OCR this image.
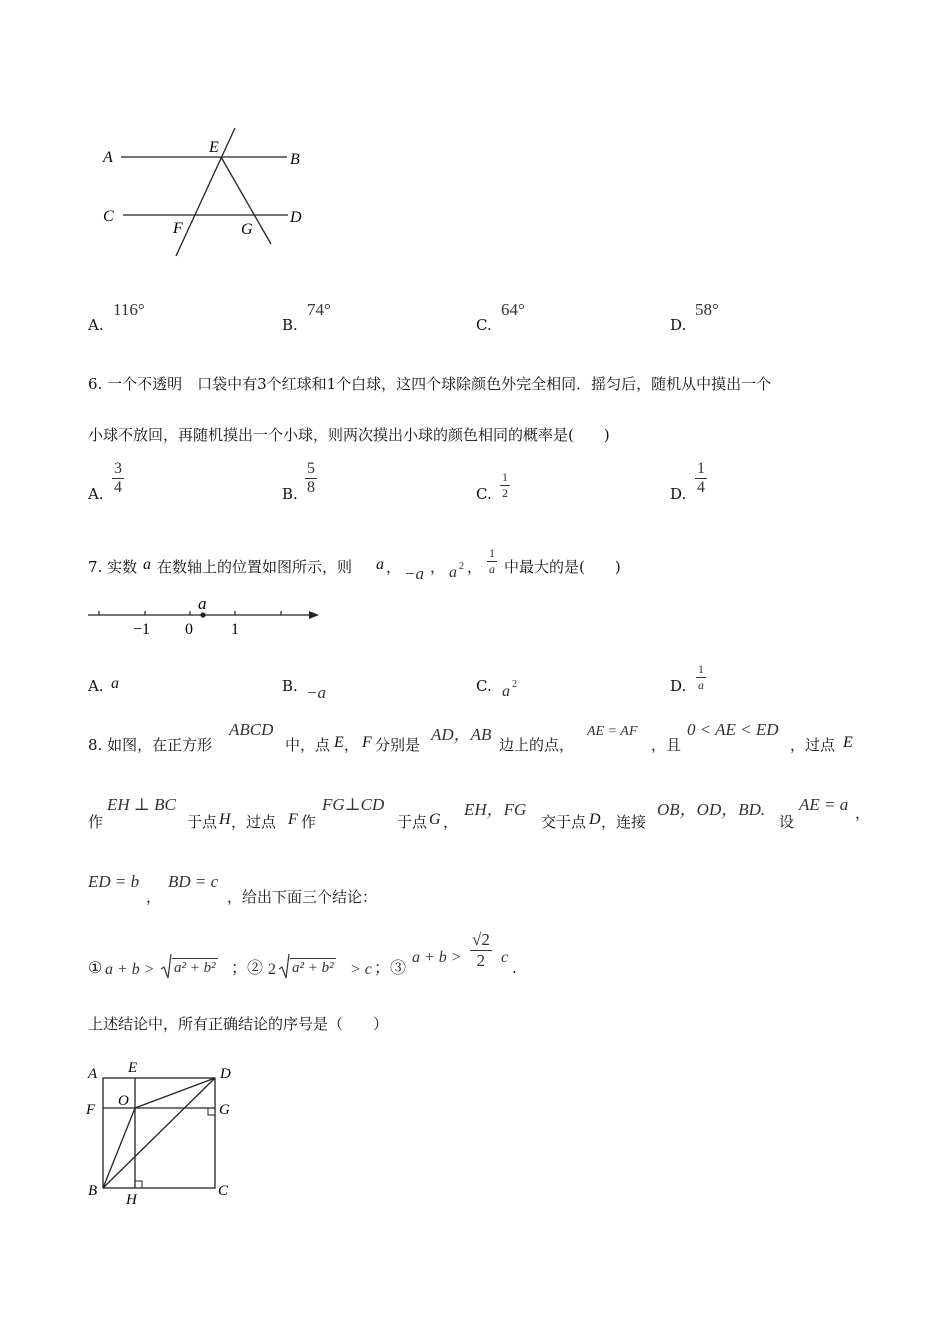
A
E
B
C	D
F	G
A.
116°
B.
74°
C.
64°
D.
58°
6. 一个不透明　口袋中有3个红球和1个白球，这四个球除颜色外完全相同．摇匀后，随机从中摸出一个
小球不放回，再随机摸出一个小球，则两次摸出小球的颜色相同的概率是(　　)
A.
3
4	B.
5
8	C.
1
2	D.
1
4
7. 实数 a 在数轴上的位置如图所示，则 a ， −a ， a 2 ，
1
a 中最大的是(　　)
a
−1 0 1
A. a	B. −a	C. a 2	D.
1
a
8. 如图，在正方形
ABCD
中，点 E ， F 分别是
AD，AB
边上的点，
AE = AF
，且
0 < AE < ED
，过点 E
作
EH ⊥ BC
于点 H ，过点 F 作
FG⊥CD
于点 G ，
EH，FG
交于点 D ，连接
OB，OD，BD.
设
AE = a ，
ED = b
，
BD = c
，给出下面三个结论：
① a + b > a² + b² ；② 2 a² + b² > c ；③
a + b >
√2
2 c
.
上述结论中，所有正确结论的序号是（　　）
A E	D
O
F	G
B
H
C
